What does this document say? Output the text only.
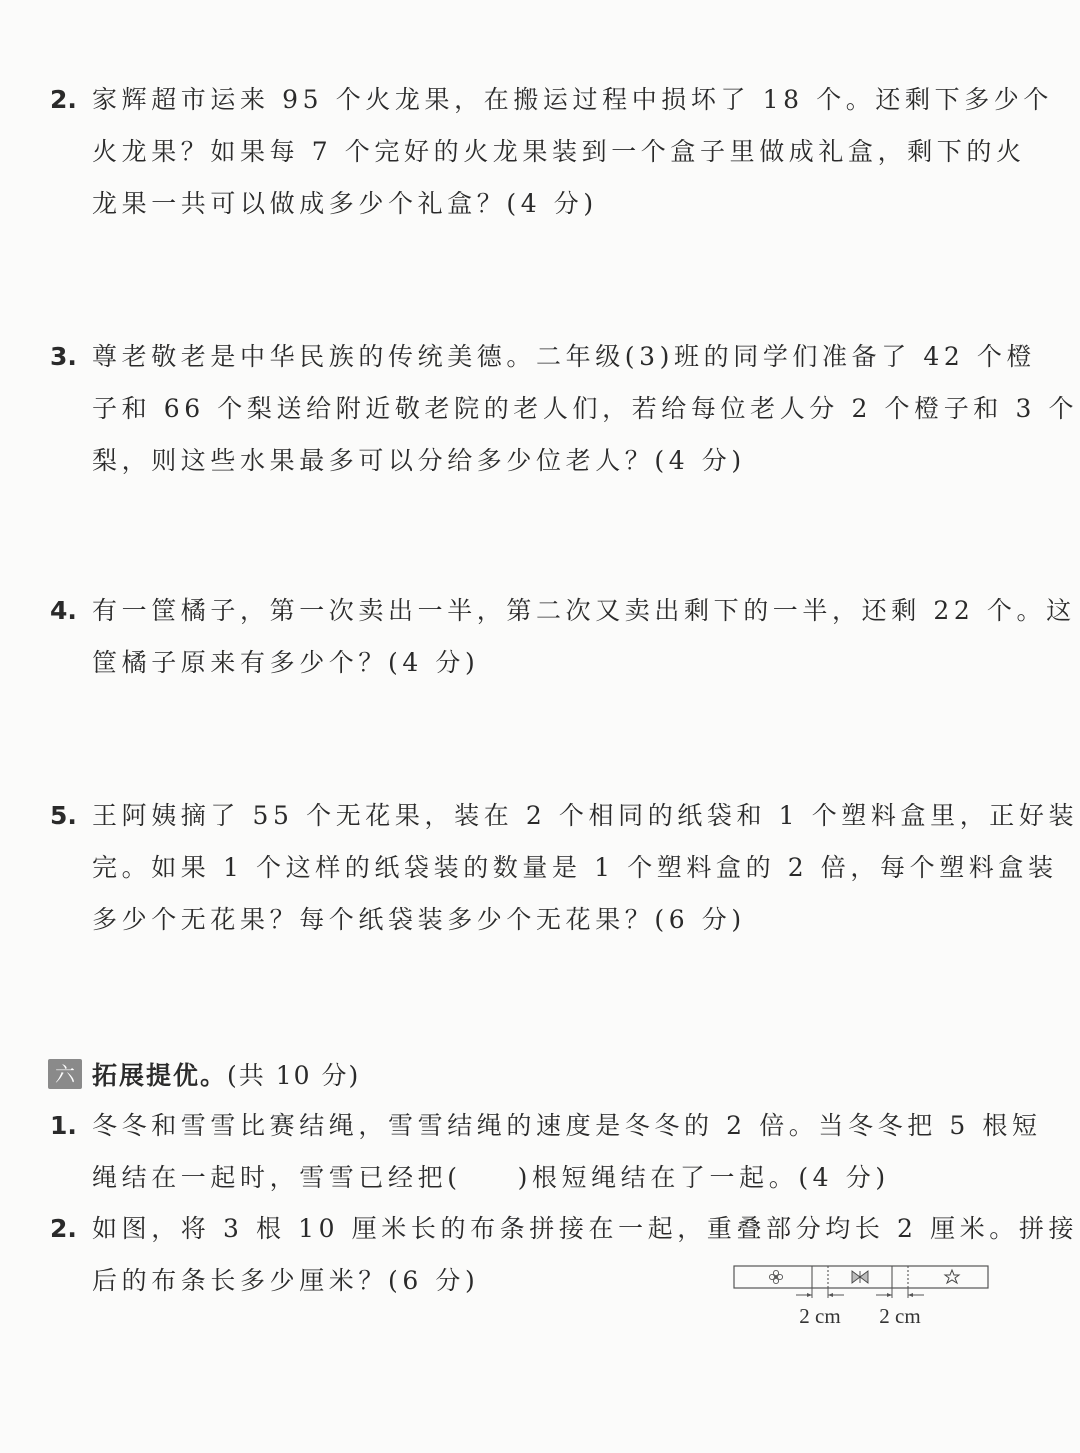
2. 家辉超市运来 95 个火龙果，在搬运过程中损坏了 18 个。还剩下多少个
火龙果？如果每 7 个完好的火龙果装到一个盒子里做成礼盒，剩下的火
龙果一共可以做成多少个礼盒？(4 分)
3. 尊老敬老是中华民族的传统美德。二年级(3)班的同学们准备了 42 个橙
子和 66 个梨送给附近敬老院的老人们，若给每位老人分 2 个橙子和 3 个
梨，则这些水果最多可以分给多少位老人？(4 分)
4. 有一筐橘子，第一次卖出一半，第二次又卖出剩下的一半，还剩 22 个。这
筐橘子原来有多少个？(4 分)
5. 王阿姨摘了 55 个无花果，装在 2 个相同的纸袋和 1 个塑料盒里，正好装
完。如果 1 个这样的纸袋装的数量是 1 个塑料盒的 2 倍，每个塑料盒装
多少个无花果？每个纸袋装多少个无花果？(6 分)
六 拓展提优。 (共 10 分)
1. 冬冬和雪雪比赛结绳，雪雪结绳的速度是冬冬的 2 倍。当冬冬把 5 根短
绳结在一起时，雪雪已经把( )根短绳结在了一起。(4 分)
2. 如图，将 3 根 10 厘米长的布条拼接在一起，重叠部分均长 2 厘米。拼接
后的布条长多少厘米？(6 分)
2 cm 2 cm
